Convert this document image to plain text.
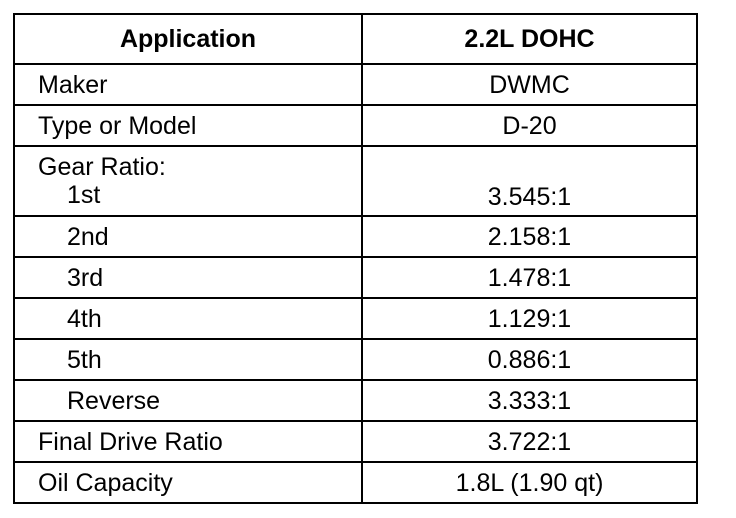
Application	2.2L DOHC
Maker	DWMC
Type or Model	D-20

Gear Ratio:
1st	3.545:1
2nd	2.158:1
3rd	1.478:1
4th	1.129:1
5th	0.886:1
Reverse	3.333:1
Final Drive Ratio	3.722:1
Oil Capacity	1.8L (1.90 qt)
